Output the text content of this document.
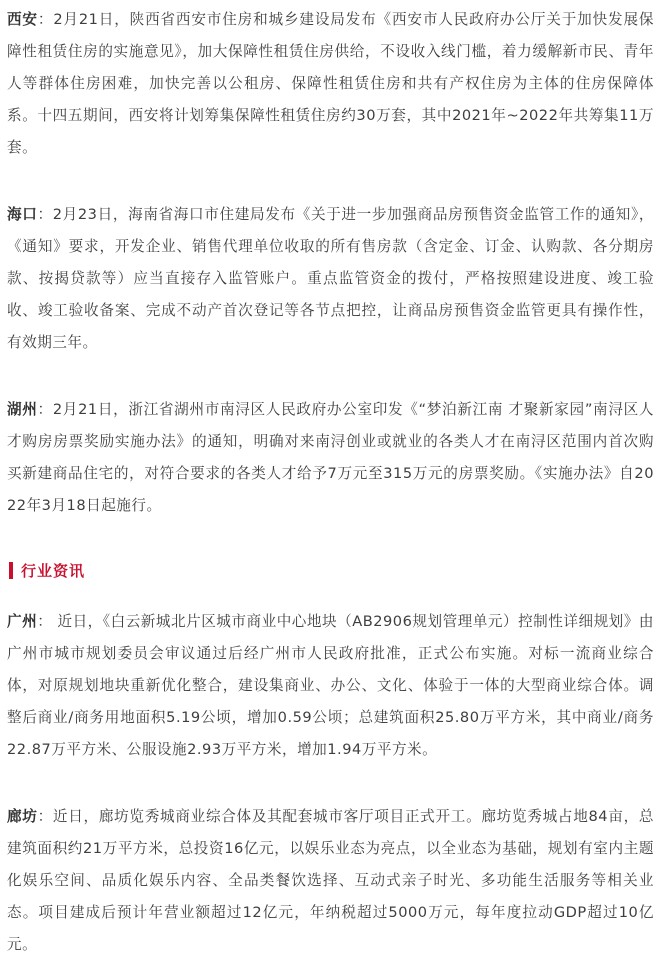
西安：2月21日，陕西省西安市住房和城乡建设局发布《西安市人民政府办公厅关于加快发展保障性租赁住房的实施意见》，加大保障性租赁住房供给，不设收入线门槛，着力缓解新市民、青年人等群体住房困难，加快完善以公租房、保障性租赁住房和共有产权住房为主体的住房保障体系。十四五期间，西安将计划筹集保障性租赁住房约30万套，其中2021年~2022年共筹集11万套。

海口：2月23日，海南省海口市住建局发布《关于进一步加强商品房预售资金监管工作的通知》，《通知》要求，开发企业、销售代理单位收取的所有售房款（含定金、订金、认购款、各分期房款、按揭贷款等）应当直接存入监管账户。重点监管资金的拨付，严格按照建设进度、竣工验收、竣工验收备案、完成不动产首次登记等各节点把控，让商品房预售资金监管更具有操作性，有效期三年。

湖州：2月21日，浙江省湖州市南浔区人民政府办公室印发《“梦泊新江南 才聚新家园”南浔区人才购房房票奖励实施办法》的通知，明确对来南浔创业或就业的各类人才在南浔区范围内首次购买新建商品住宅的，对符合要求的各类人才给予7万元至315万元的房票奖励。《实施办法》自2022年3月18日起施行。

行业资讯

广州： 近日，《白云新城北片区城市商业中心地块（AB2906规划管理单元）控制性详细规划》由广州市城市规划委员会审议通过后经广州市人民政府批准，正式公布实施。对标一流商业综合体，对原规划地块重新优化整合，建设集商业、办公、文化、体验于一体的大型商业综合体。调整后商业/商务用地面积5.19公顷，增加0.59公顷；总建筑面积25.80万平方米，其中商业/商务22.87万平方米、公服设施2.93万平方米，增加1.94万平方米。

廊坊：近日，廊坊览秀城商业综合体及其配套城市客厅项目正式开工。廊坊览秀城占地84亩，总建筑面积约21万平方米，总投资16亿元，以娱乐业态为亮点，以全业态为基础，规划有室内主题化娱乐空间、品质化娱乐内容、全品类餐饮选择、互动式亲子时光、多功能生活服务等相关业态。项目建成后预计年营业额超过12亿元，年纳税超过5000万元，每年度拉动GDP超过10亿元。
